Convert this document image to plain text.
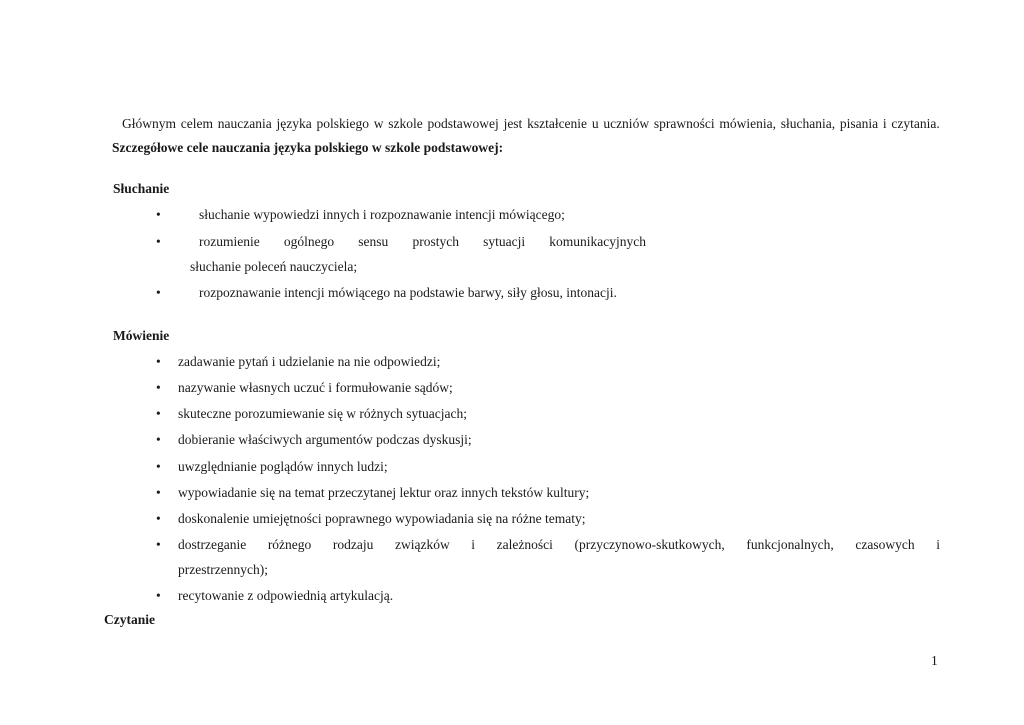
Głównym celem nauczania języka polskiego w szkole podstawowej jest kształcenie u uczniów sprawności mówienia, słuchania, pisania i czytania.
Szczegółowe cele nauczania języka polskiego w szkole podstawowej:
Słuchanie
•	słuchanie wypowiedzi innych i rozpoznawanie intencji mówiącego;
•	rozumienie ogólnego sensu prostych sytuacji komunikacyjnych
słuchanie poleceń nauczyciela;
•	rozpoznawanie intencji mówiącego na podstawie barwy, siły głosu, intonacji.
Mówienie
•	zadawanie pytań i udzielanie na nie odpowiedzi;
•	nazywanie własnych uczuć i formułowanie sądów;
•	skuteczne porozumiewanie się w różnych sytuacjach;
•	dobieranie właściwych argumentów podczas dyskusji;
•	uwzględnianie poglądów innych ludzi;
•	wypowiadanie się na temat przeczytanej lektur oraz innych tekstów kultury;
•	doskonalenie umiejętności poprawnego wypowiadania się na różne tematy;
•	dostrzeganie różnego rodzaju związków i zależności (przyczynowo-skutkowych, funkcjonalnych, czasowych i
przestrzennych);
•	recytowanie z odpowiednią artykulacją.
Czytanie
1
